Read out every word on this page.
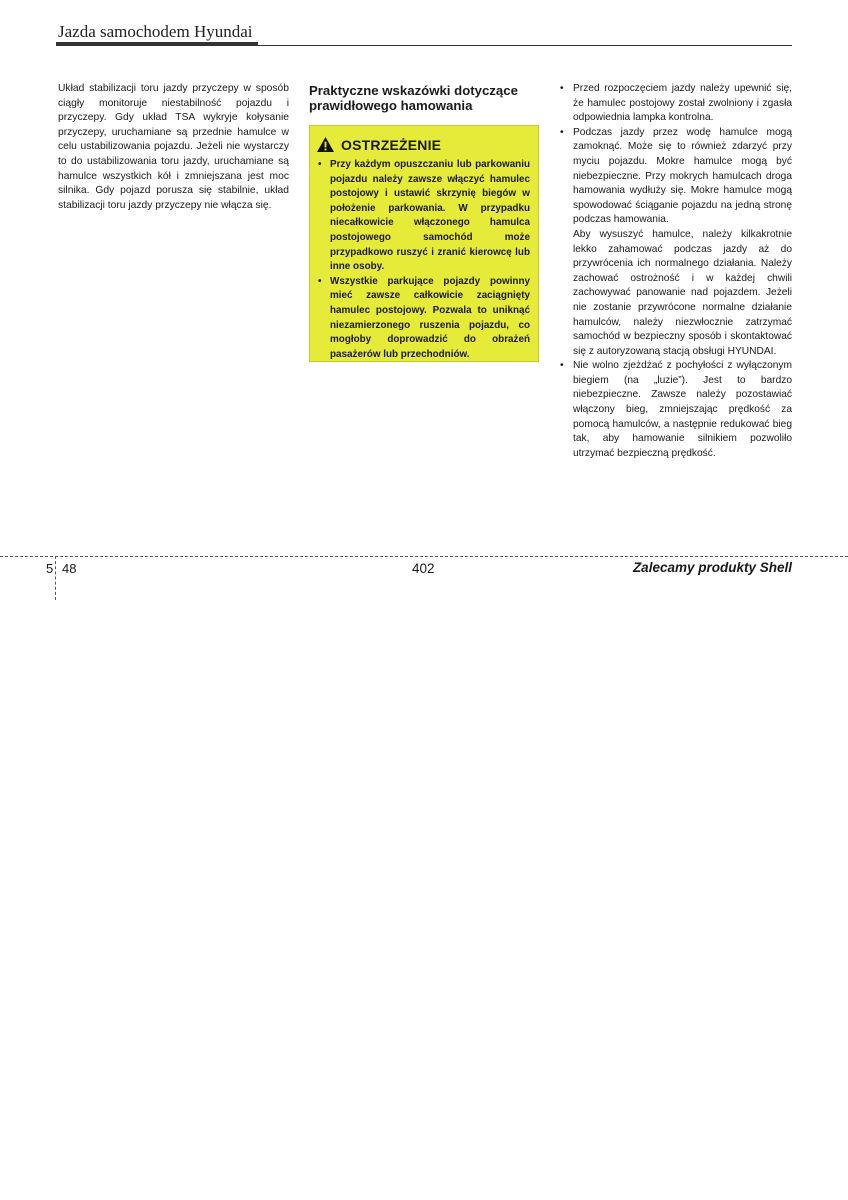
Jazda samochodem Hyundai

Układ stabilizacji toru jazdy przyczepy w sposób ciągły monitoruje niestabilność pojazdu i przyczepy. Gdy układ TSA wykryje kołysanie przyczepy, uruchamiane są przednie hamulce w celu ustabilizowania pojazdu. Jeżeli nie wystarczy to do ustabilizowania toru jazdy, uruchamiane są hamulce wszystkich kół i zmniejszana jest moc silnika. Gdy pojazd porusza się stabilnie, układ stabilizacji toru jazdy przyczepy nie włącza się.

Praktyczne wskazówki dotyczące
prawidłowego hamowania
OSTRZEŻENIE
• Przy każdym opuszczaniu lub parkowaniu pojazdu należy zawsze włączyć hamulec postojowy i ustawić skrzynię biegów w położenie parkowania. W przypadku niecałkowicie włączonego hamulca postojowego samochód może przypadkowo ruszyć i zranić kierowcę lub inne osoby.
• Wszystkie parkujące pojazdy powinny mieć zawsze całkowicie zaciągnięty hamulec postojowy. Pozwala to uniknąć niezamierzonego ruszenia pojazdu, co mogłoby doprowadzić do obrażeń pasażerów lub przechodniów.
• Przed rozpoczęciem jazdy należy upewnić się, że hamulec postojowy został zwolniony i zgasła odpowiednia lampka kontrolna.

• Podczas jazdy przez wodę hamulce mogą zamoknąć. Może się to również zdarzyć przy myciu pojazdu. Mokre hamulce mogą być niebezpieczne. Przy mokrych hamulcach droga hamowania wydłuży się. Mokre hamulce mogą spowodować ściąganie pojazdu na jedną stronę podczas hamowania.

Aby wysuszyć hamulce, należy kilkakrotnie lekko zahamować podczas jazdy aż do przywrócenia ich normalnego działania. Należy zachować ostrożność i w każdej chwili zachowywać panowanie nad pojazdem. Jeżeli nie zostanie przywrócone normalne działanie hamulców, należy niezwłocznie zatrzymać samochód w bezpieczny sposób i skontaktować się z autoryzowaną stacją obsługi HYUNDAI.

• Nie wolno zjeżdżać z pochyłości z wyłączonym biegiem (na „luzie”). Jest to bardzo niebezpieczne. Zawsze należy pozostawiać włączony bieg, zmniejszając prędkość za pomocą hamulców, a następnie redukować bieg tak, aby hamowanie silnikiem pozwoliło utrzymać bezpieczną prędkość.

5 48	402	Zalecamy produkty Shell
